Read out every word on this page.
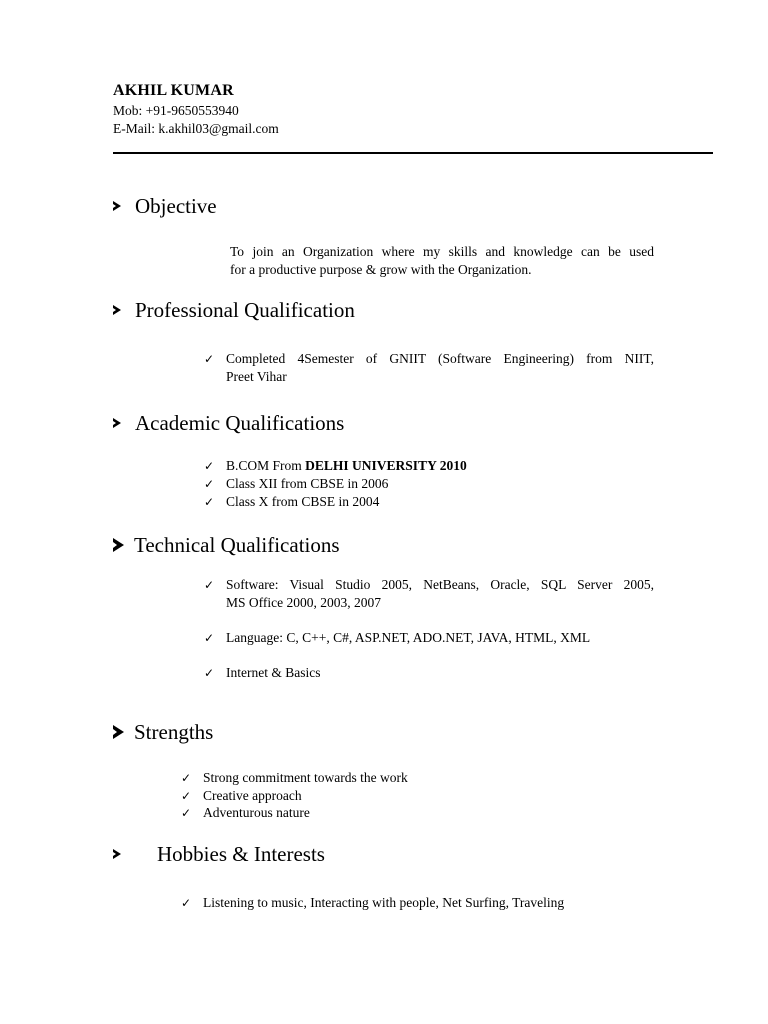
AKHIL KUMAR
Mob: +91-9650553940
E-Mail: k.akhil03@gmail.com
Objective
To join an Organization where my skills and knowledge can be used
for a productive purpose & grow with the Organization.
Professional Qualification
✓ Completed 4Semester of GNIIT (Software Engineering) from NIIT,
Preet Vihar
Academic Qualifications
✓ B.COM From DELHI UNIVERSITY 2010
✓ Class XII from CBSE in 2006
✓ Class X from CBSE in 2004
Technical Qualifications
✓ Software: Visual Studio 2005, NetBeans, Oracle, SQL Server 2005,
MS Office 2000, 2003, 2007
✓ Language: C, C++, C#, ASP.NET, ADO.NET, JAVA, HTML, XML
✓ Internet & Basics
Strengths
✓ Strong commitment towards the work
✓ Creative approach
✓ Adventurous nature
Hobbies & Interests
✓ Listening to music, Interacting with people, Net Surfing, Traveling
